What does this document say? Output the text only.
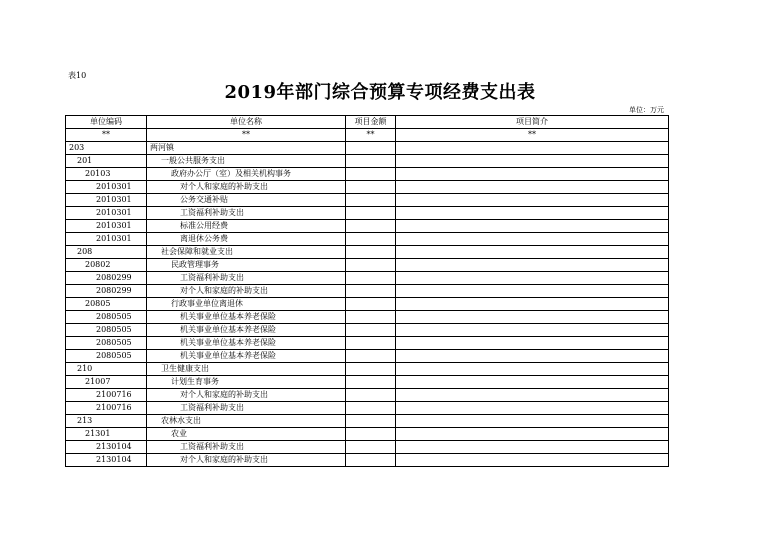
表10
2019年部门综合预算专项经费支出表
单位：万元
单位编码	单位名称	项目金额	项目简介
**	**	**	**
203	两河镇		
201	一般公共服务支出		
20103	政府办公厅（室）及相关机构事务		
2010301	对个人和家庭的补助支出		
2010301	公务交通补贴		
2010301	工资福利补助支出		
2010301	标准公用经费		
2010301	离退休公务费		
208	社会保障和就业支出		
20802	民政管理事务		
2080299	工资福利补助支出		
2080299	对个人和家庭的补助支出		
20805	行政事业单位离退休		
2080505	机关事业单位基本养老保险		
2080505	机关事业单位基本养老保险		
2080505	机关事业单位基本养老保险		
2080505	机关事业单位基本养老保险		
210	卫生健康支出		
21007	计划生育事务		
2100716	对个人和家庭的补助支出		
2100716	工资福利补助支出		
213	农林水支出		
21301	农业		
2130104	工资福利补助支出		
2130104	对个人和家庭的补助支出		
